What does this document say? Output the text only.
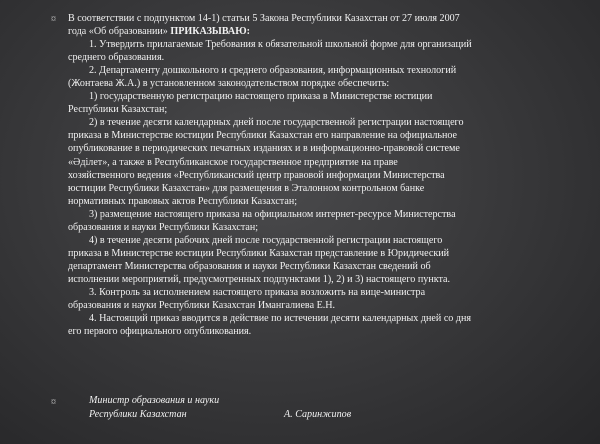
¤ В соответствии с подпунктом 14-1) статьи 5 Закона Республики Казахстан от 27 июля 2007
года «Об образовании» ПРИКАЗЫВАЮ:
1. Утвердить прилагаемые Требования к обязательной школьной форме для организаций
среднего образования.
2. Департаменту дошкольного и среднего образования, информационных технологий
(Жонтаева Ж.А.) в установленном законодательством порядке обеспечить:
1) государственную регистрацию настоящего приказа в Министерстве юстиции
Республики Казахстан;
2) в течение десяти календарных дней после государственной регистрации настоящего
приказа в Министерстве юстиции Республики Казахстан его направление на официальное
опубликование в периодических печатных изданиях и в информационно-правовой системе
«Әділет», а также в Республиканское государственное предприятие на праве
хозяйственного ведения «Республиканский центр правовой информации Министерства
юстиции Республики Казахстан» для размещения в Эталонном контрольном банке
нормативных правовых актов Республики Казахстан;
3) размещение настоящего приказа на официальном интернет-ресурсе Министерства
образования и науки Республики Казахстан;
4) в течение десяти рабочих дней после государственной регистрации настоящего
приказа в Министерстве юстиции Республики Казахстан представление в Юридический
департамент Министерства образования и науки Республики Казахстан сведений об
исполнении мероприятий, предусмотренных подпунктами 1), 2) и 3) настоящего пункта.
3. Контроль за исполнением настоящего приказа возложить на вице-министра
образования и науки Республики Казахстан Имангалиева Е.Н.
4. Настоящий приказ вводится в действие по истечении десяти календарных дней со дня
его первого официального опубликования.
¤	Министр образования и науки
Республики Казахстан	А. Саринжипов
